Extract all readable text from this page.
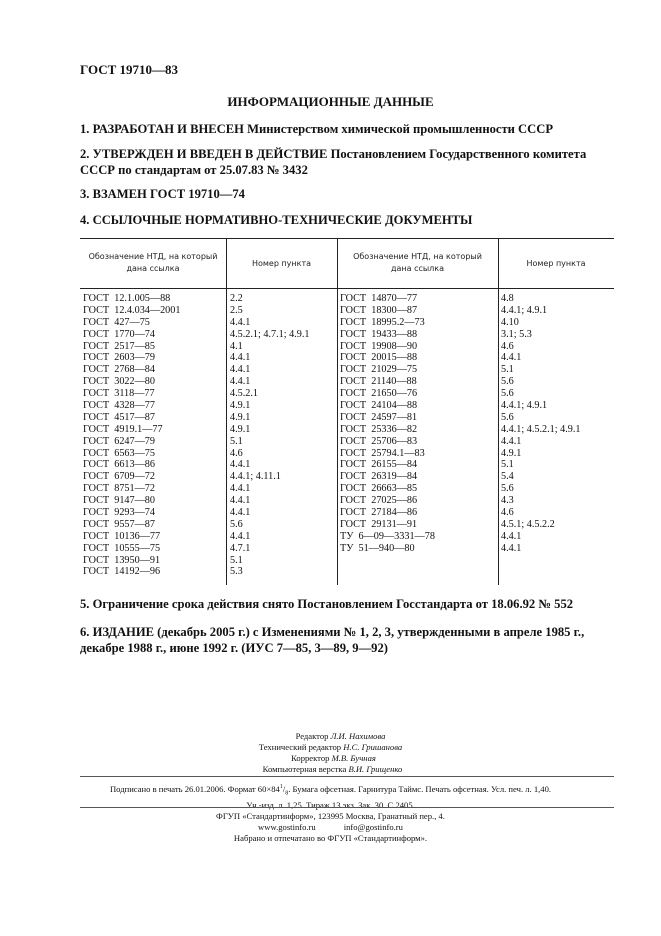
ГОСТ 19710—83
ИНФОРМАЦИОННЫЕ ДАННЫЕ
1. РАЗРАБОТАН И ВНЕСЕН Министерством химической промышленности СССР
2. УТВЕРЖДЕН И ВВЕДЕН В ДЕЙСТВИЕ Постановлением Государственного комитета СССР по стандартам от 25.07.83 № 3432
3. ВЗАМЕН ГОСТ 19710—74
4. ССЫЛОЧНЫЕ НОРМАТИВНО-ТЕХНИЧЕСКИЕ ДОКУМЕНТЫ
Обозначение НТД, на который дана ссылка
Номер пункта
Обозначение НТД, на который дана ссылка
Номер пункта
ГОСТ  12.1.005—88
ГОСТ  12.4.034—2001
ГОСТ  427—75
ГОСТ  1770—74
ГОСТ  2517—85
ГОСТ  2603—79
ГОСТ  2768—84
ГОСТ  3022—80
ГОСТ  3118—77
ГОСТ  4328—77
ГОСТ  4517—87
ГОСТ  4919.1—77
ГОСТ  6247—79
ГОСТ  6563—75
ГОСТ  6613—86
ГОСТ  6709—72
ГОСТ  8751—72
ГОСТ  9147—80
ГОСТ  9293—74
ГОСТ  9557—87
ГОСТ  10136—77
ГОСТ  10555—75
ГОСТ  13950—91
ГОСТ  14192—96
2.2
2.5
4.4.1
4.5.2.1; 4.7.1; 4.9.1
4.1
4.4.1
4.4.1
4.4.1
4.5.2.1
4.9.1
4.9.1
4.9.1
5.1
4.6
4.4.1
4.4.1; 4.11.1
4.4.1
4.4.1
4.4.1
5.6
4.4.1
4.7.1
5.1
5.3
ГОСТ  14870—77
ГОСТ  18300—87
ГОСТ  18995.2—73
ГОСТ  19433—88
ГОСТ  19908—90
ГОСТ  20015—88
ГОСТ  21029—75
ГОСТ  21140—88
ГОСТ  21650—76
ГОСТ  24104—88
ГОСТ  24597—81
ГОСТ  25336—82
ГОСТ  25706—83
ГОСТ  25794.1—83
ГОСТ  26155—84
ГОСТ  26319—84
ГОСТ  26663—85
ГОСТ  27025—86
ГОСТ  27184—86
ГОСТ  29131—91
ТУ  6—09—3331—78
ТУ  51—940—80
4.8
4.4.1; 4.9.1
4.10
3.1; 5.3
4.6
4.4.1
5.1
5.6
5.6
4.4.1; 4.9.1
5.6
4.4.1; 4.5.2.1; 4.9.1
4.4.1
4.9.1
5.1
5.4
5.6
4.3
4.6
4.5.1; 4.5.2.2
4.4.1
4.4.1
5. Ограничение срока действия снято Постановлением Госстандарта от 18.06.92 № 552
6. ИЗДАНИЕ (декабрь 2005 г.) с Изменениями № 1, 2, 3, утвержденными в апреле 1985 г., декабре 1988 г., июне 1992 г. (ИУС 7—85, 3—89, 9—92)
Редактор Л.И. Нахимова
Технический редактор Н.С. Гришанова
Корректор М.В. Бучная
Компьютерная верстка В.И. Грищенко
Подписано в печать 26.01.2006. Формат $60\times 84^1/_8$. Бумага офсетная. Гарнитура Таймс. Печать офсетная. Усл. печ. л. 1,40.
Уч.-изд. л. 1,25. Тираж 13 экз. Зак. 30. С 2405.
ФГУП «Стандартинформ», 123995 Москва, Гранатный пер., 4.
www.gostinfo.ru	info@gostinfo.ru
Набрано и отпечатано во ФГУП «Стандартинформ».
